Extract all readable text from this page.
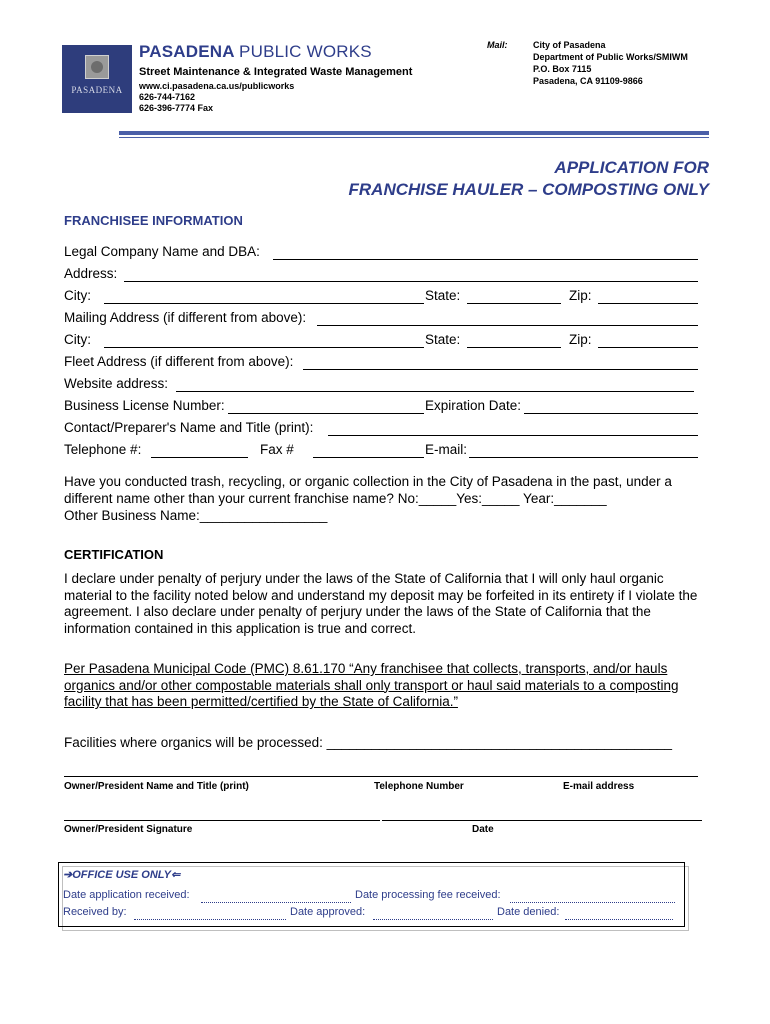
PASADENA
PASADENA PUBLIC WORKS
Street Maintenance & Integrated Waste Management
www.ci.pasadena.ca.us/publicworks
626-744-7162
626-396-7774 Fax
Mail:	City of Pasadena
Department of Public Works/SMIWM
P.O. Box 7115
Pasadena, CA 91109-9866
APPLICATION FOR
FRANCHISE HAULER – COMPOSTING ONLY
FRANCHISEE INFORMATION
Legal Company Name and DBA:
Address:
City:	State:	Zip:
Mailing Address (if different from above):
City:	State:	Zip:
Fleet Address (if different from above):
Website address:
Business License Number:	Expiration Date:
Contact/Preparer's Name and Title (print):
Telephone #:	Fax #	E-mail:
Have you conducted trash, recycling, or organic collection in the City of Pasadena in the past, under a
different name other than your current franchise name? No:_____Yes:_____ Year:_______
Other Business Name:_________________
CERTIFICATION
I declare under penalty of perjury under the laws of the State of California that I will only haul organic material to the facility noted below and understand my deposit may be forfeited in its entirety if I violate the agreement. I also declare under penalty of perjury under the laws of the State of California that the information contained in this application is true and correct.
Per Pasadena Municipal Code (PMC) 8.61.170 “Any franchisee that collects, transports, and/or hauls organics and/or other compostable materials shall only transport or haul said materials to a composting facility that has been permitted/certified by the State of California.”
Facilities where organics will be processed: ______________________________________________
Owner/President Name and Title (print)	Telephone Number	E-mail address
Owner/President Signature	Date
➔OFFICE USE ONLY⇐
Date application received:	Date processing fee received:
Received by:	Date approved:	Date denied:
